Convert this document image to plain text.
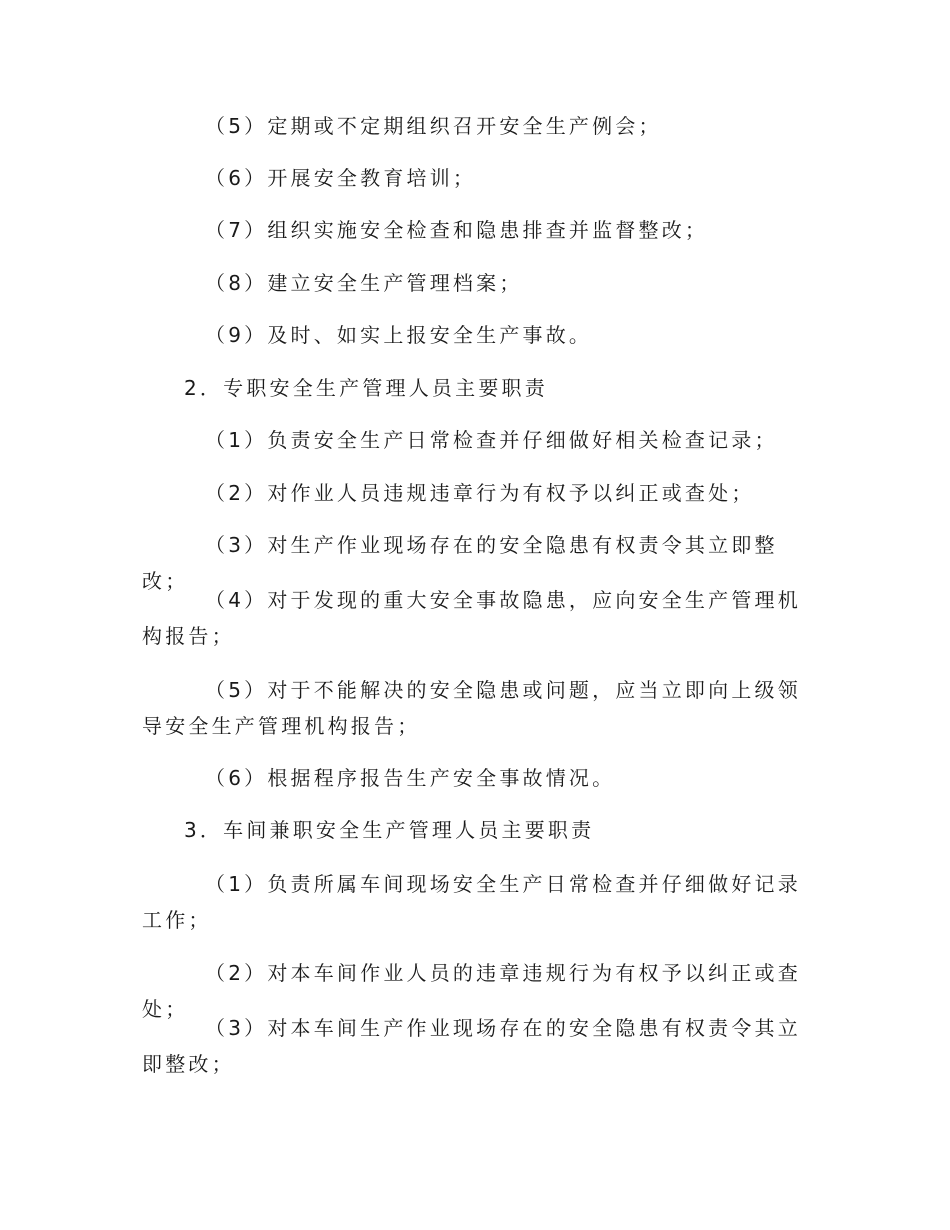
（5）定期或不定期组织召开安全生产例会；

（6）开展安全教育培训；

（7）组织实施安全检查和隐患排查并监督整改；

（8）建立安全生产管理档案；

（9）及时、如实上报安全生产事故。

2．专职安全生产管理人员主要职责

（1）负责安全生产日常检查并仔细做好相关检查记录；

（2）对作业人员违规违章行为有权予以纠正或查处；

（3）对生产作业现场存在的安全隐患有权责令其立即整改；

（4）对于发现的重大安全事故隐患，应向安全生产管理机构报告；

（5）对于不能解决的安全隐患或问题，应当立即向上级领导安全生产管理机构报告；

（6）根据程序报告生产安全事故情况。

3．车间兼职安全生产管理人员主要职责

（1）负责所属车间现场安全生产日常检查并仔细做好记录工作；

（2）对本车间作业人员的违章违规行为有权予以纠正或查处；

（3）对本车间生产作业现场存在的安全隐患有权责令其立即整改；
